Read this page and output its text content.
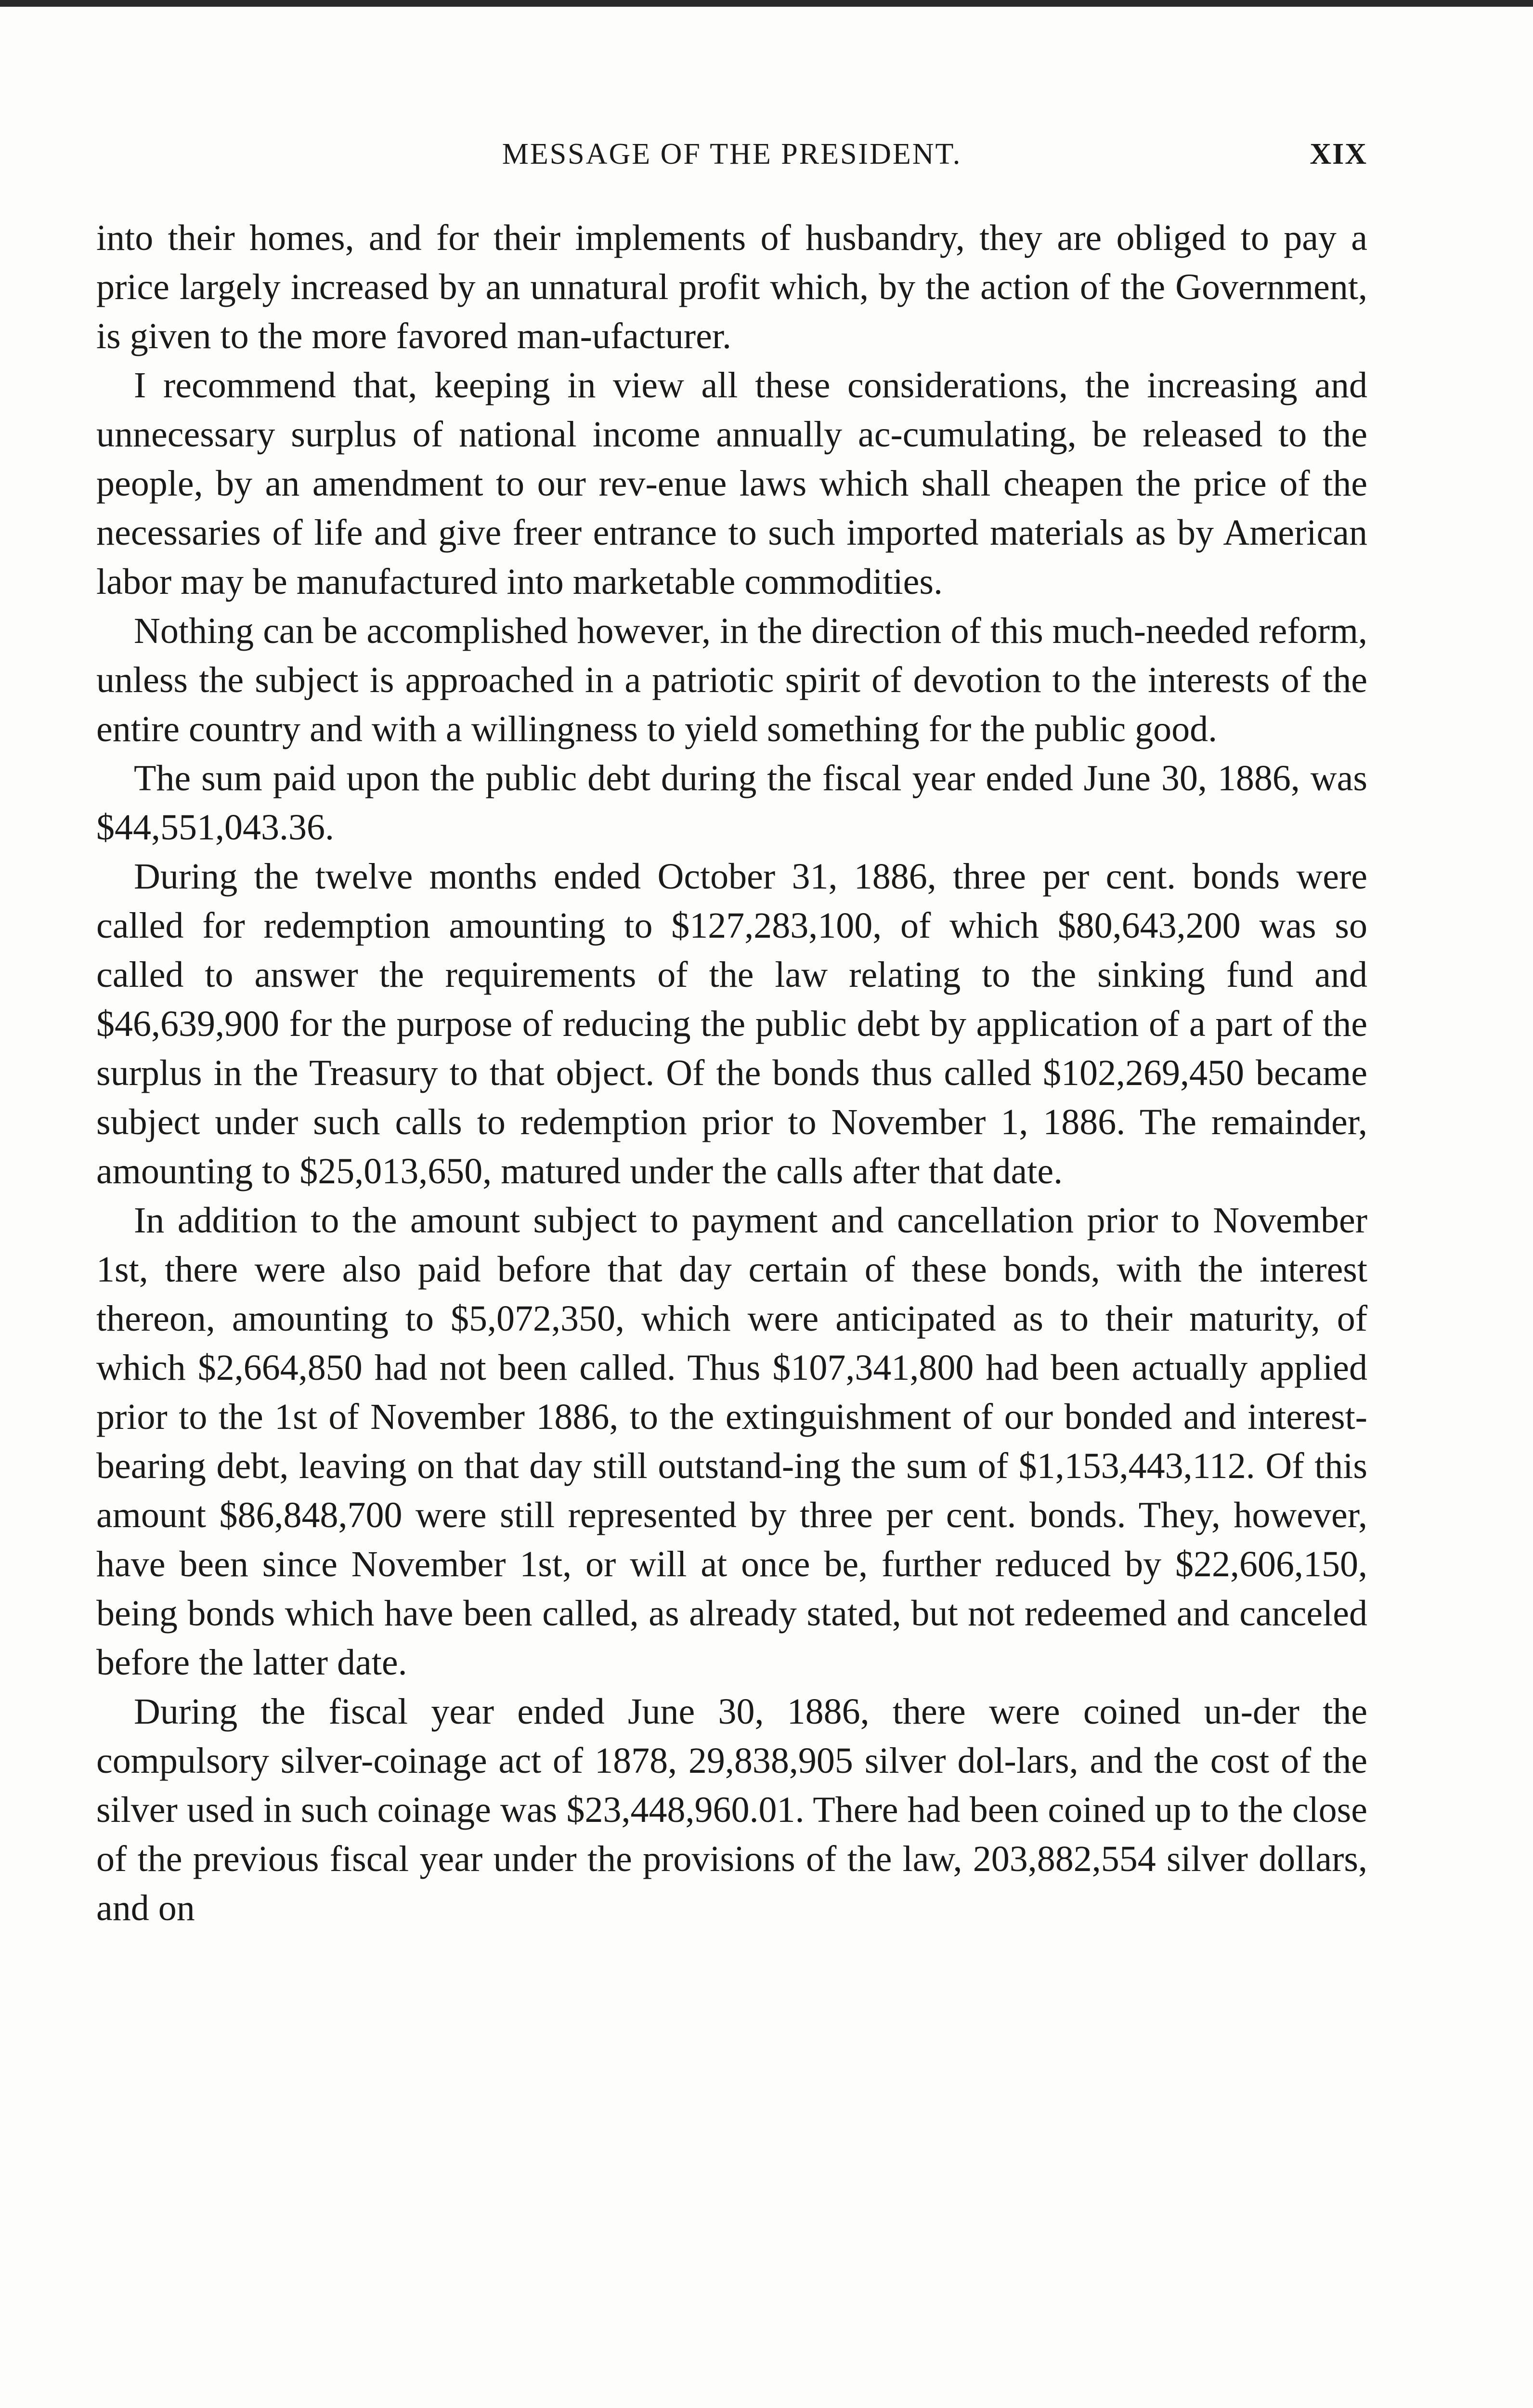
MESSAGE OF THE PRESIDENT.	XIX

into their homes, and for their implements of husbandry, they are obliged to pay a price largely increased by an unnatural profit which, by the action of the Government, is given to the more favored man-ufacturer.

I recommend that, keeping in view all these considerations, the increasing and unnecessary surplus of national income annually ac-cumulating, be released to the people, by an amendment to our rev-enue laws which shall cheapen the price of the necessaries of life and give freer entrance to such imported materials as by American labor may be manufactured into marketable commodities.

Nothing can be accomplished however, in the direction of this much-needed reform, unless the subject is approached in a patriotic spirit of devotion to the interests of the entire country and with a willingness to yield something for the public good.

The sum paid upon the public debt during the fiscal year ended June 30, 1886, was $44,551,043.36.

During the twelve months ended October 31, 1886, three per cent. bonds were called for redemption amounting to $127,283,100, of which $80,643,200 was so called to answer the requirements of the law relating to the sinking fund and $46,639,900 for the purpose of reducing the public debt by application of a part of the surplus in the Treasury to that object. Of the bonds thus called $102,269,450 became subject under such calls to redemption prior to November 1, 1886. The remainder, amounting to $25,013,650, matured under the calls after that date.

In addition to the amount subject to payment and cancellation prior to November 1st, there were also paid before that day certain of these bonds, with the interest thereon, amounting to $5,072,350, which were anticipated as to their maturity, of which $2,664,850 had not been called. Thus $107,341,800 had been actually applied prior to the 1st of November 1886, to the extinguishment of our bonded and interest-bearing debt, leaving on that day still outstand-ing the sum of $1,153,443,112. Of this amount $86,848,700 were still represented by three per cent. bonds. They, however, have been since November 1st, or will at once be, further reduced by $22,606,150, being bonds which have been called, as already stated, but not redeemed and canceled before the latter date.

During the fiscal year ended June 30, 1886, there were coined un-der the compulsory silver-coinage act of 1878, 29,838,905 silver dol-lars, and the cost of the silver used in such coinage was $23,448,960.01. There had been coined up to the close of the previous fiscal year under the provisions of the law, 203,882,554 silver dollars, and on
